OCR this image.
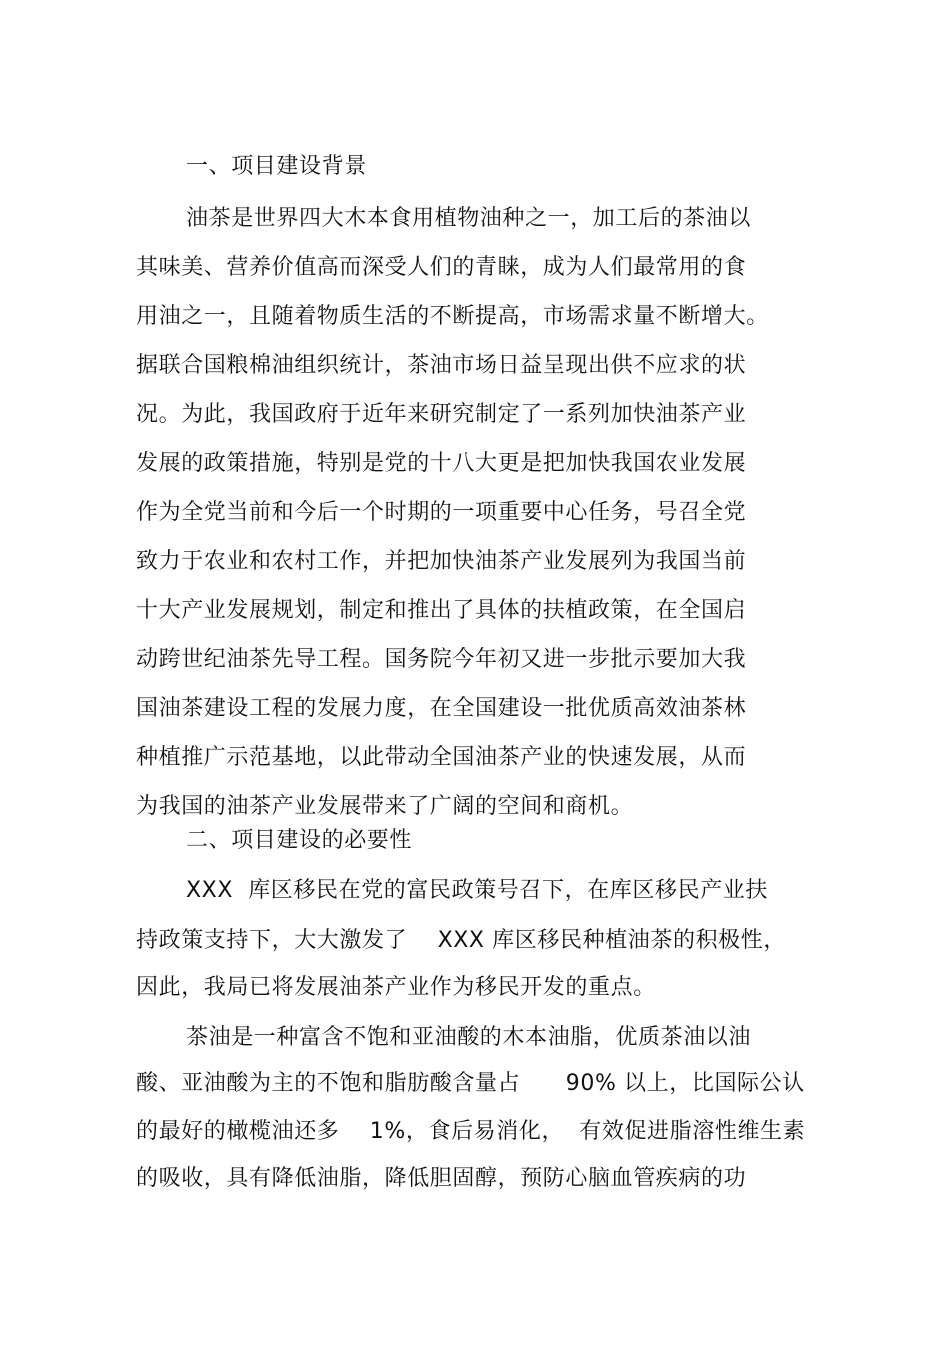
一、项目建设背景
油茶是世界四大木本食用植物油种之一，加工后的茶油以
其味美、营养价值高而深受人们的青睐，成为人们最常用的食
用油之一，且随着物质生活的不断提高，市场需求量不断增大。
据联合国粮棉油组织统计，茶油市场日益呈现出供不应求的状
况。为此，我国政府于近年来研究制定了一系列加快油茶产业
发展的政策措施，特别是党的十八大更是把加快我国农业发展
作为全党当前和今后一个时期的一项重要中心任务，号召全党
致力于农业和农村工作，并把加快油茶产业发展列为我国当前
十大产业发展规划，制定和推出了具体的扶植政策，在全国启
动跨世纪油茶先导工程。国务院今年初又进一步批示要加大我
国油茶建设工程的发展力度，在全国建设一批优质高效油茶林
种植推广示范基地，以此带动全国油茶产业的快速发展，从而
为我国的油茶产业发展带来了广阔的空间和商机。
二、项目建设的必要性
XXX  库区移民在党的富民政策号召下，在库区移民产业扶
持政策支持下，大大激发了    XXX 库区移民种植油茶的积极性，
因此，我局已将发展油茶产业作为移民开发的重点。
茶油是一种富含不饱和亚油酸的木本油脂，优质茶油以油
酸、亚油酸为主的不饱和脂肪酸含量占      90% 以上，比国际公认
的最好的橄榄油还多    1%，食后易消化，  有效促进脂溶性维生素
的吸收，具有降低油脂，降低胆固醇，预防心脑血管疾病的功
